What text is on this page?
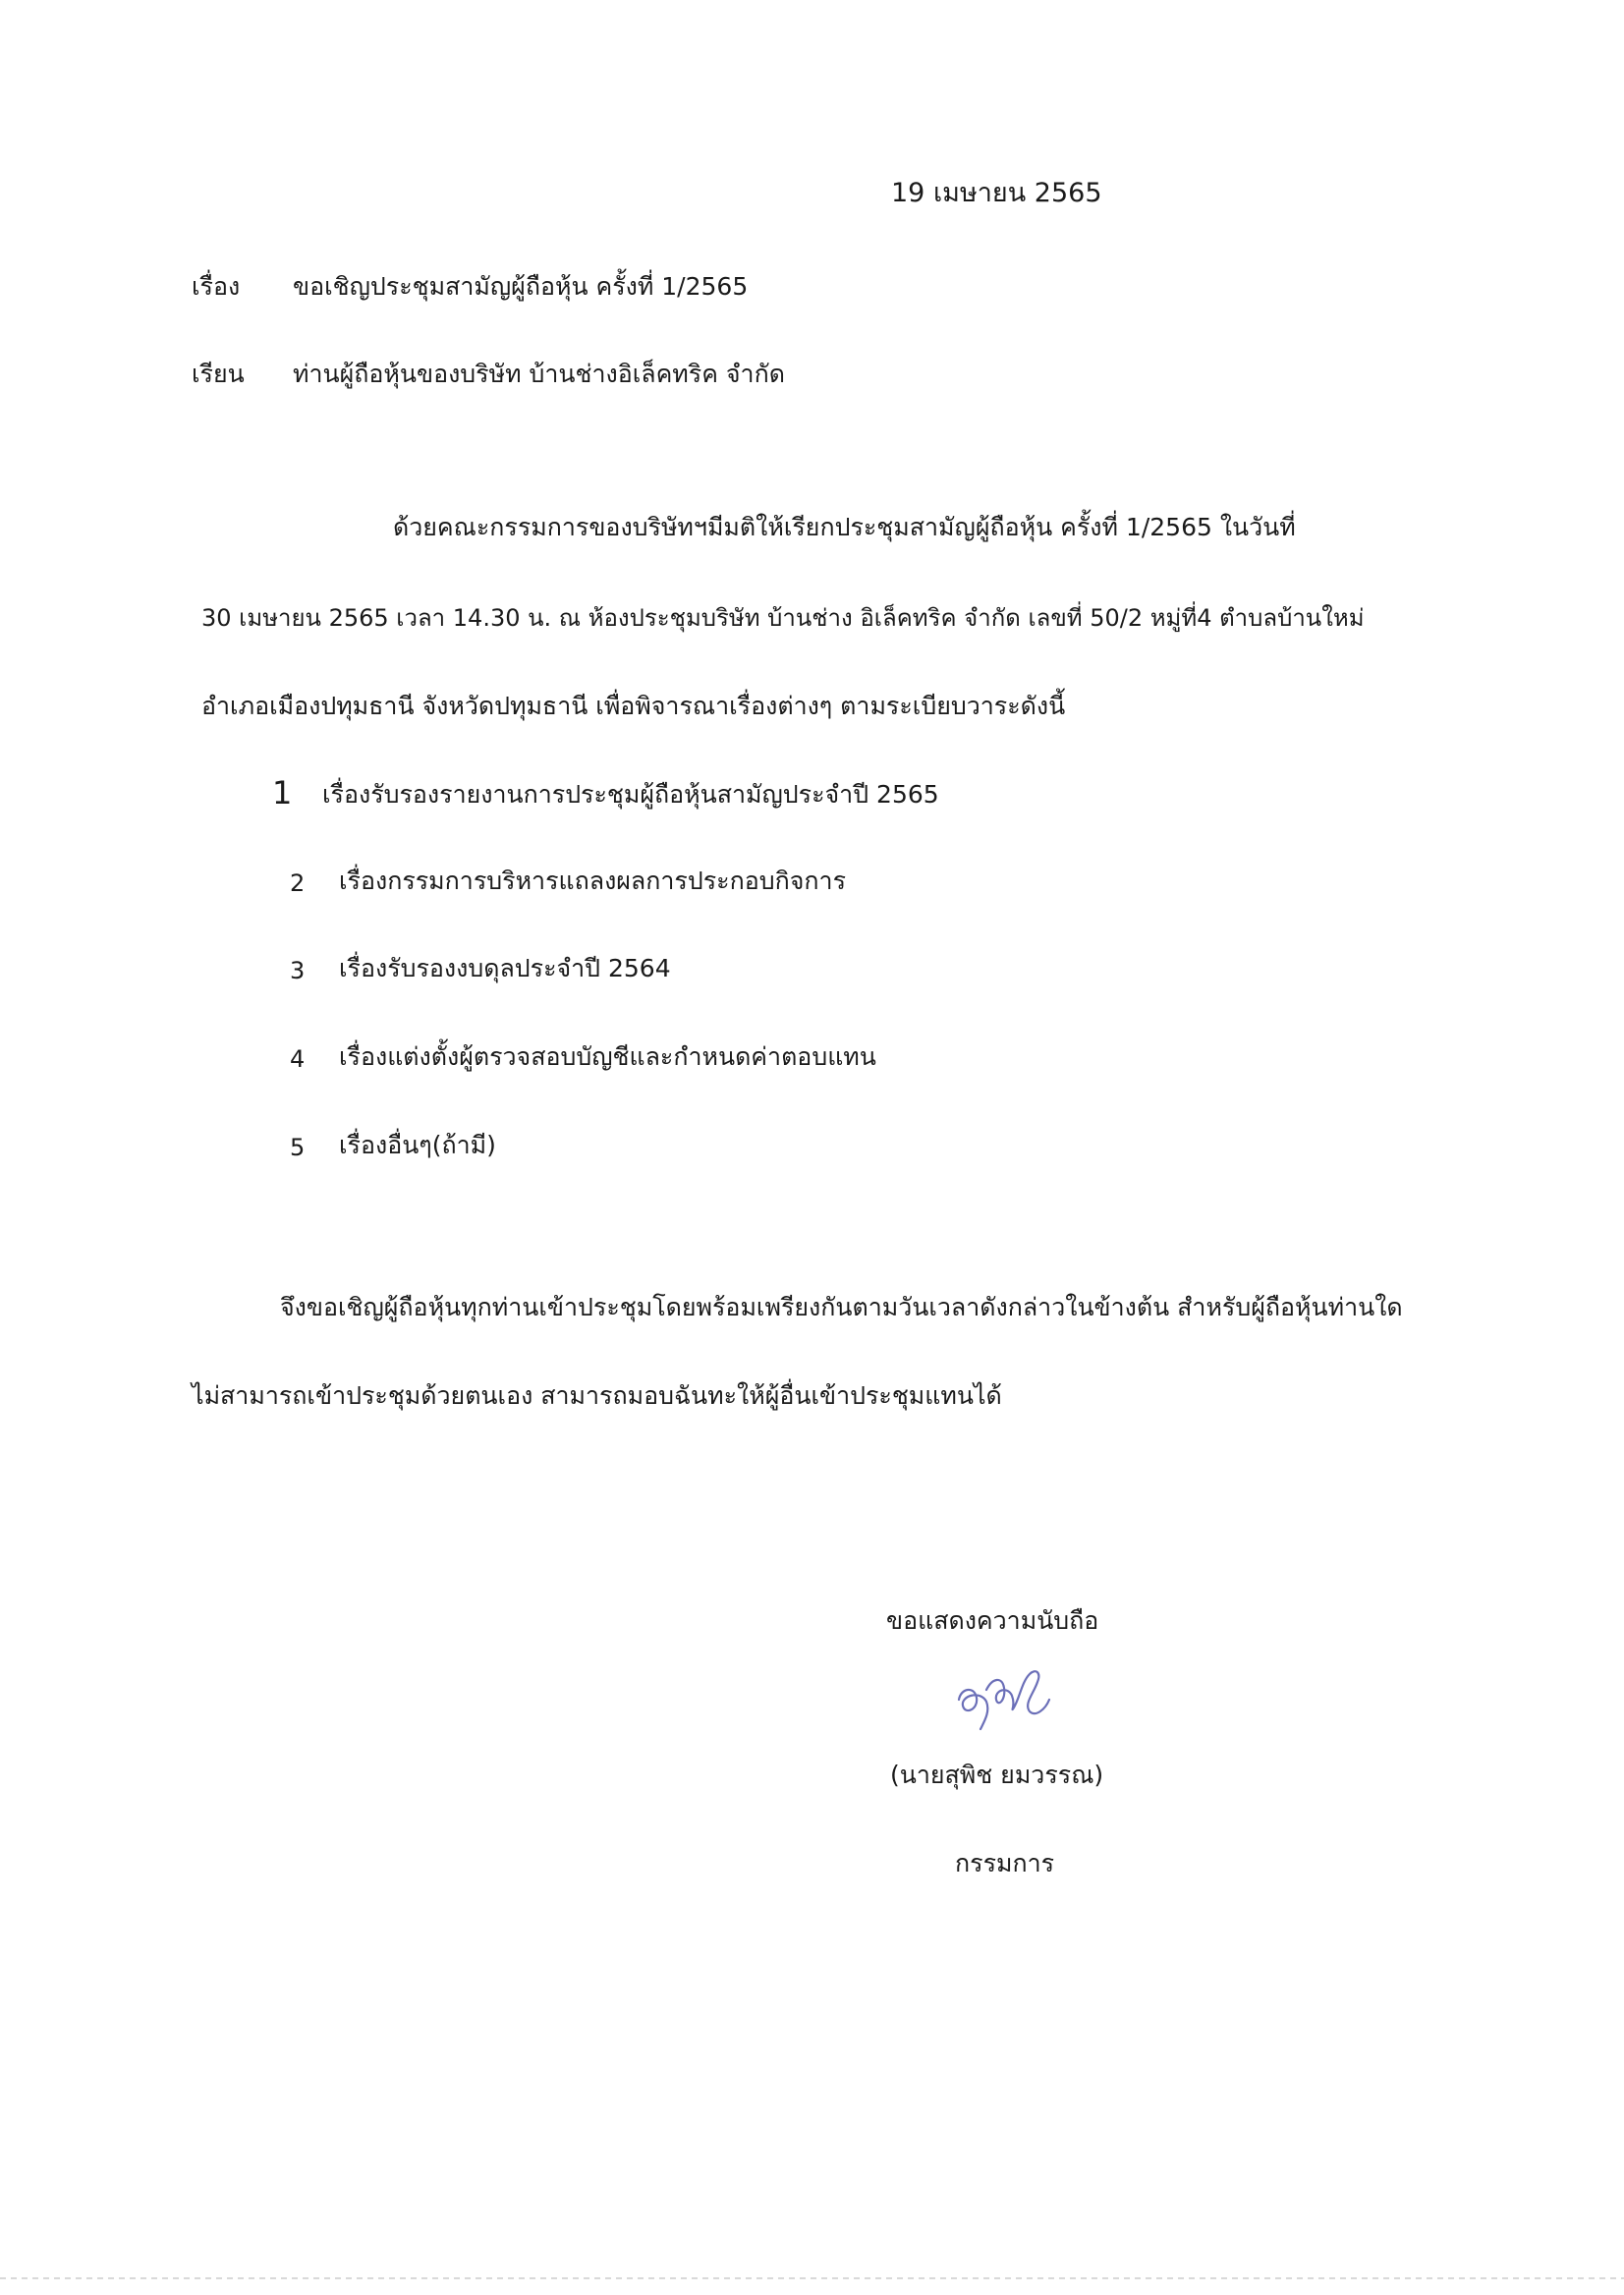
19 เมษายน 2565
เรื่อง ขอเชิญประชุมสามัญผู้ถือหุ้น ครั้งที่ 1/2565
เรียน ท่านผู้ถือหุ้นของบริษัท บ้านช่างอิเล็คทริค จำกัด
ด้วยคณะกรรมการของบริษัทฯมีมติให้เรียกประชุมสามัญผู้ถือหุ้น ครั้งที่ 1/2565 ในวันที่
30 เมษายน 2565 เวลา 14.30 น. ณ ห้องประชุมบริษัท บ้านช่าง อิเล็คทริค จำกัด เลขที่ 50/2 หมู่ที่4 ตำบลบ้านใหม่
อำเภอเมืองปทุมธานี จังหวัดปทุมธานี เพื่อพิจารณาเรื่องต่างๆ ตามระเบียบวาระดังนี้
1 เรื่องรับรองรายงานการประชุมผู้ถือหุ้นสามัญประจำปี 2565
2 เรื่องกรรมการบริหารแถลงผลการประกอบกิจการ
3 เรื่องรับรองงบดุลประจำปี 2564
4 เรื่องแต่งตั้งผู้ตรวจสอบบัญชีและกำหนดค่าตอบแทน
5 เรื่องอื่นๆ(ถ้ามี)
จึงขอเชิญผู้ถือหุ้นทุกท่านเข้าประชุมโดยพร้อมเพรียงกันตามวันเวลาดังกล่าวในข้างต้น สำหรับผู้ถือหุ้นท่านใด
ไม่สามารถเข้าประชุมด้วยตนเอง สามารถมอบฉันทะให้ผู้อื่นเข้าประชุมแทนได้
ขอแสดงความนับถือ
(นายสุพิช ยมวรรณ)
กรรมการ
